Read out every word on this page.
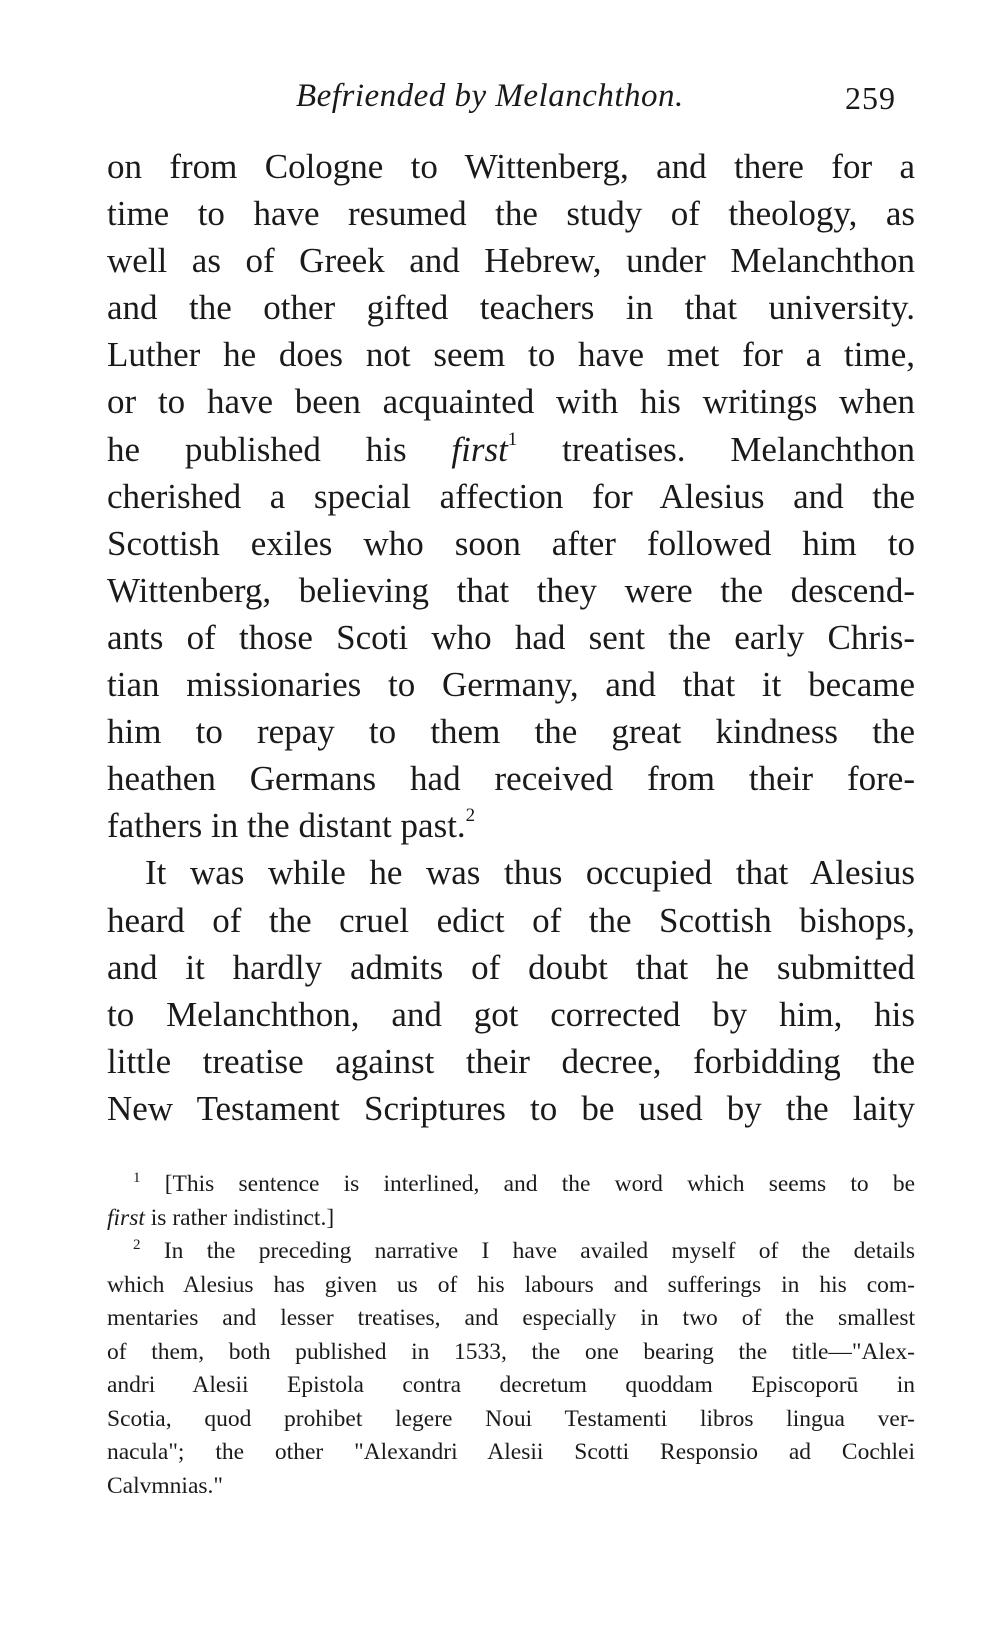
Befriended by Melanchthon.	259
on from Cologne to Wittenberg, and there for a
time to have resumed the study of theology, as
well as of Greek and Hebrew, under Melanchthon
and the other gifted teachers in that university.
Luther he does not seem to have met for a time,
or to have been acquainted with his writings when
he published his first$^1$ treatises. Melanchthon
cherished a special affection for Alesius and the
Scottish exiles who soon after followed him to
Wittenberg, believing that they were the descend-
ants of those Scoti who had sent the early Chris-
tian missionaries to Germany, and that it became
him to repay to them the great kindness the
heathen Germans had received from their fore-
fathers in the distant past.$^2$
It was while he was thus occupied that Alesius
heard of the cruel edict of the Scottish bishops,
and it hardly admits of doubt that he submitted
to Melanchthon, and got corrected by him, his
little treatise against their decree, forbidding the
New Testament Scriptures to be used by the laity
$^1$ [This sentence is interlined, and the word which seems to be
first is rather indistinct.]
$^2$ In the preceding narrative I have availed myself of the details
which Alesius has given us of his labours and sufferings in his com-
mentaries and lesser treatises, and especially in two of the smallest
of them, both published in 1533, the one bearing the title—"Alex-
andri Alesii Epistola contra decretum quoddam Episcoporū in
Scotia, quod prohibet legere Noui Testamenti libros lingua ver-
nacula"; the other "Alexandri Alesii Scotti Responsio ad Cochlei
Calvmnias."
